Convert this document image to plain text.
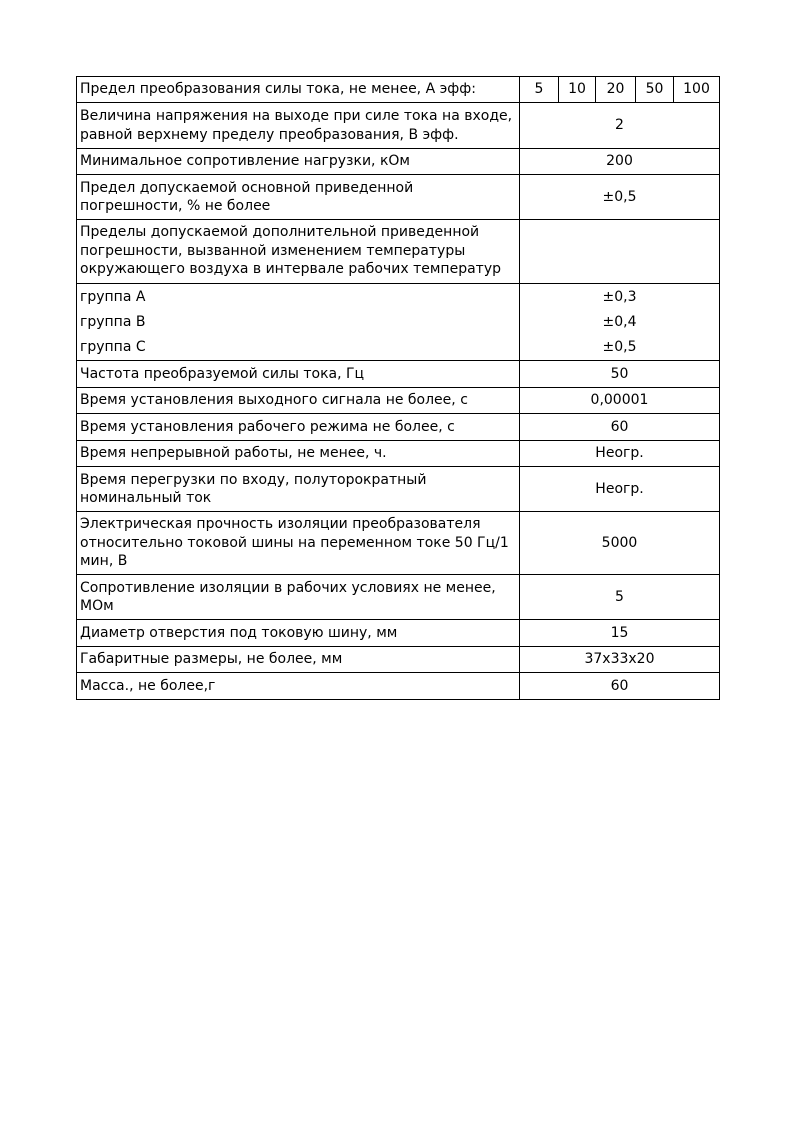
Предел преобразования силы тока, не менее, А эфф:	5	10	20	50	100
Величина напряжения на выходе при силе тока на входе, равной верхнему пределу преобразования, В эфф.	2				
Минимальное сопротивление нагрузки, кОм	200				
Предел допускаемой основной приведенной погрешности, % не более	±0,5				
Пределы допускаемой дополнительной приведенной погрешности, вызванной изменением температуры окружающего воздуха в интервале рабочих температур					
группа А	±0,3				
группа В	±0,4				
группа С	±0,5				
Частота преобразуемой силы тока, Гц	50				
Время установления выходного сигнала не более, с	0,00001				
Время установления рабочего режима не более, с	60				
Время непрерывной работы, не менее, ч.	Неогр.				
Время перегрузки по входу, полуторократный номинальный ток	Неогр.				
Электрическая прочность изоляции преобразователя относительно токовой шины на переменном токе 50 Гц/1 мин, В	5000				
Сопротивление изоляции в рабочих условиях не менее, МОм	5				
Диаметр отверстия под токовую шину, мм	15				
Габаритные размеры, не более, мм	37х33х20				
Масса., не более,г	60				
